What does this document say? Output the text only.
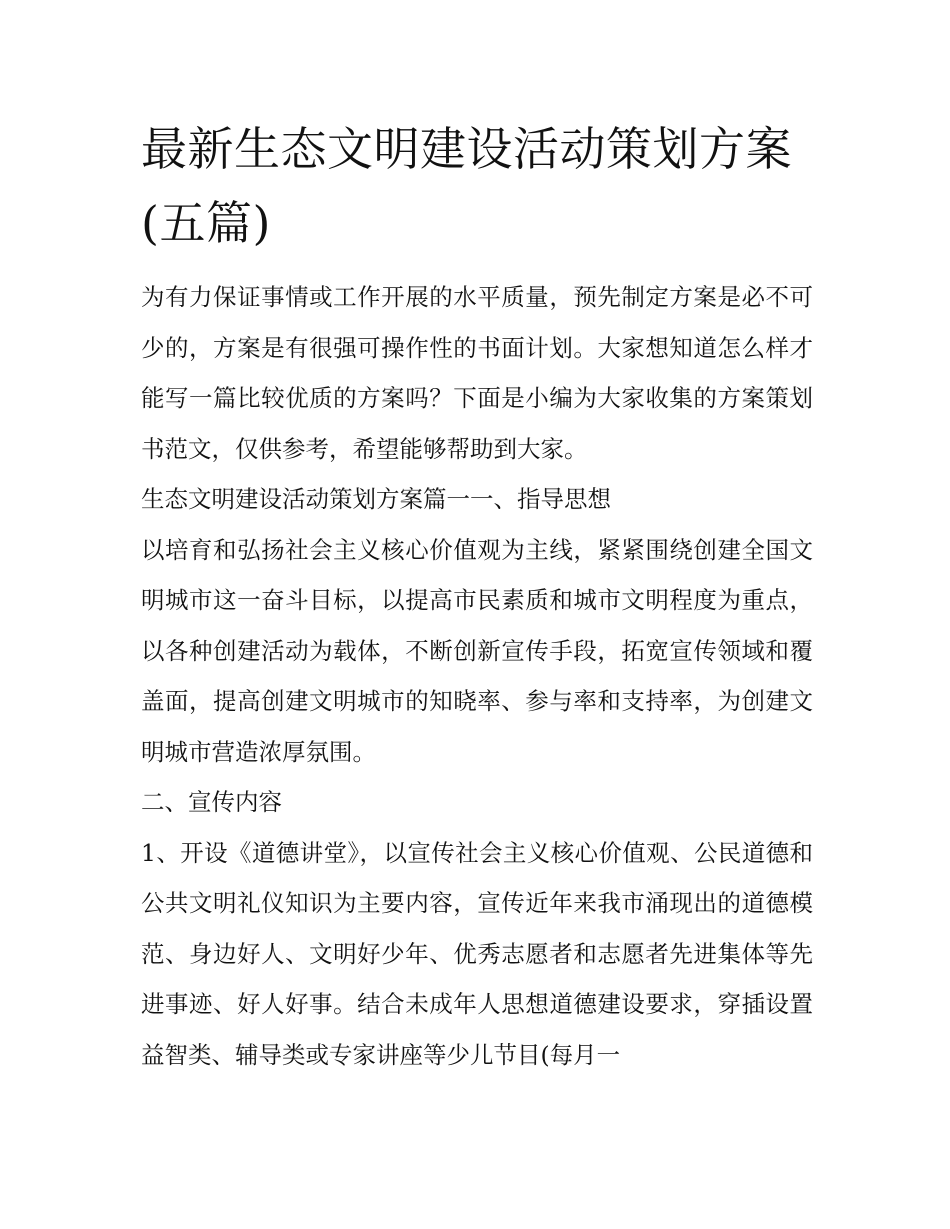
最新生态文明建设活动策划方案(五篇)

为有力保证事情或工作开展的水平质量，预先制定方案是必不可少的，方案是有很强可操作性的书面计划。大家想知道怎么样才能写一篇比较优质的方案吗？下面是小编为大家收集的方案策划书范文，仅供参考，希望能够帮助到大家。

生态文明建设活动策划方案篇一一、指导思想

以培育和弘扬社会主义核心价值观为主线，紧紧围绕创建全国文明城市这一奋斗目标，以提高市民素质和城市文明程度为重点，以各种创建活动为载体，不断创新宣传手段，拓宽宣传领域和覆盖面，提高创建文明城市的知晓率、参与率和支持率，为创建文明城市营造浓厚氛围。

二、宣传内容

1、开设《道德讲堂》，以宣传社会主义核心价值观、公民道德和公共文明礼仪知识为主要内容，宣传近年来我市涌现出的道德模范、身边好人、文明好少年、优秀志愿者和志愿者先进集体等先进事迹、好人好事。结合未成年人思想道德建设要求，穿插设置益智类、辅导类或专家讲座等少儿节目(每月一
